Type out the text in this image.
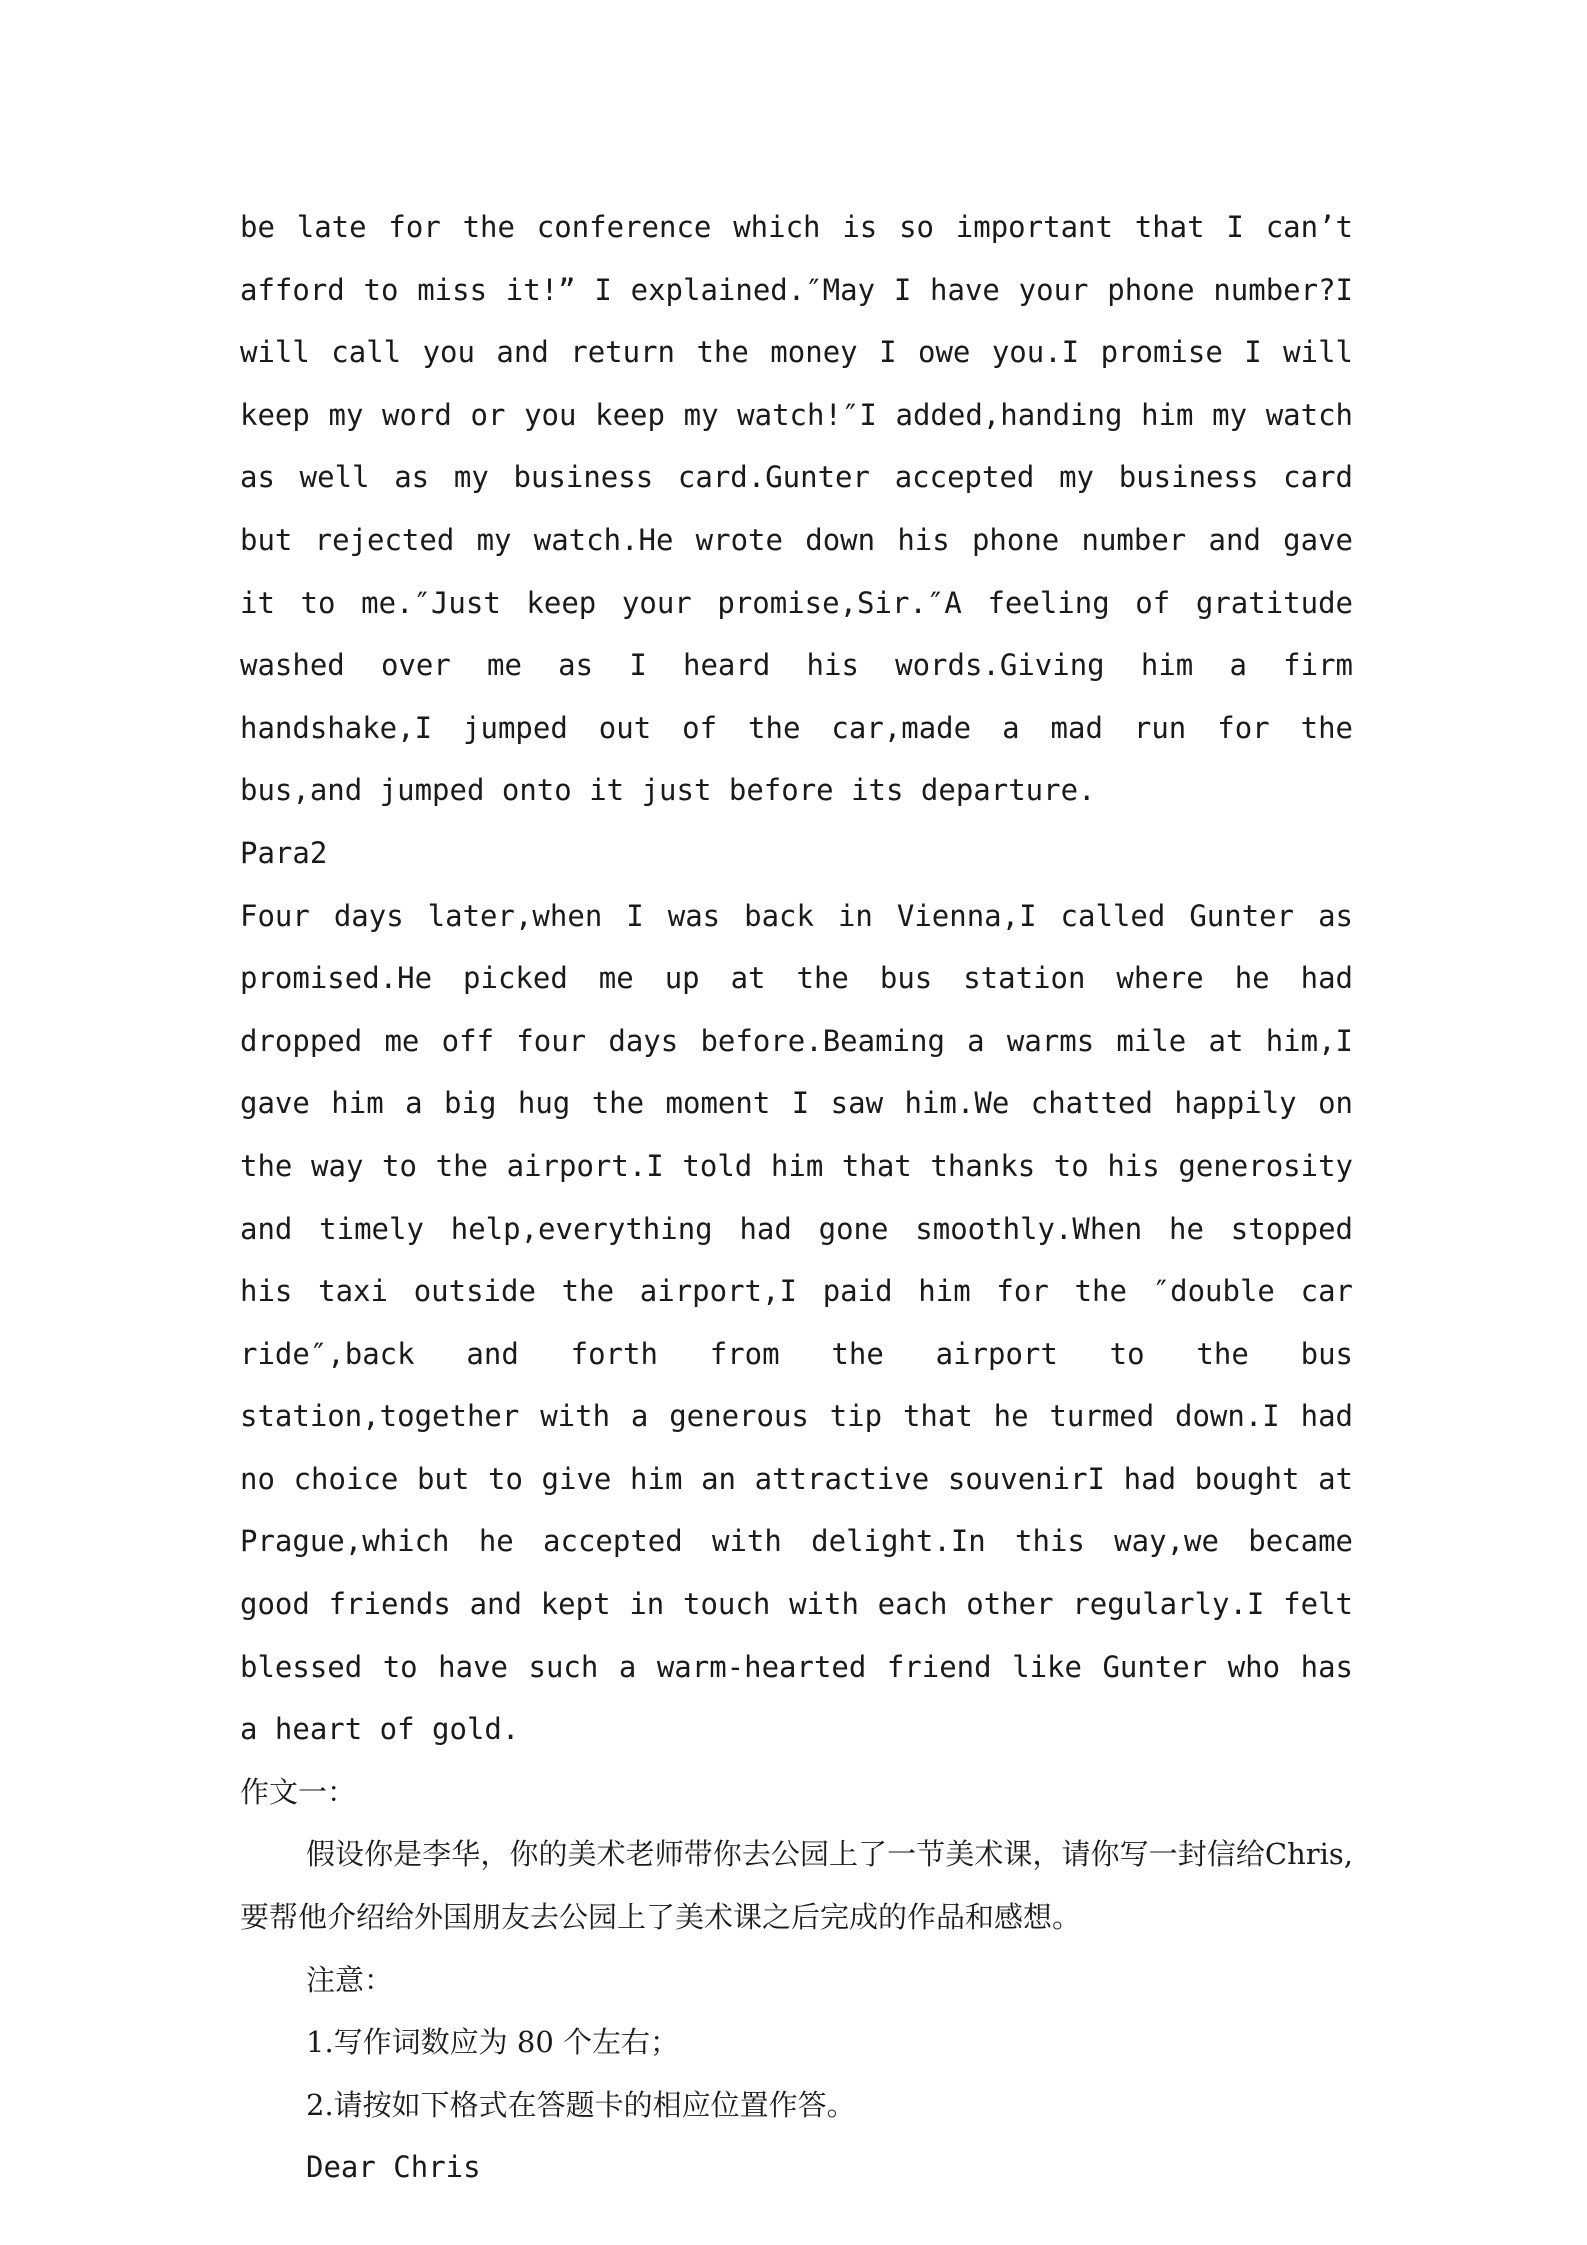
be late for the conference which is so important that I can’t afford to miss it!” I explained.″May I have your phone number?I will call you and return the money I owe you.I promise I will keep my word or you keep my watch!″I added,handing him my watch as well as my business card.Gunter accepted my business card but rejected my watch.He wrote down his phone number and gave it to me.″Just keep your promise,Sir.″A feeling of gratitude washed over me as I heard his words.Giving him a firm handshake,I jumped out of the car,made a mad run for the bus,and jumped onto it just before its departure.

Para2

Four days later,when I was back in Vienna,I called Gunter as promised.He picked me up at the bus station where he had dropped me off four days before.Beaming a warms mile at him,I gave him a big hug the moment I saw him.We chatted happily on the way to the airport.I told him that thanks to his generosity and timely help,everything had gone smoothly.When he stopped his taxi outside the airport,I paid him for the ″double car ride″,back and forth from the airport to the bus station,together with a generous tip that he turmed down.I had no choice but to give him an attractive souvenirI had bought at Prague,which he accepted with delight.In this way,we became good friends and kept in touch with each other regularly.I felt blessed to have such a warm-hearted friend like Gunter who has a heart of gold.

作文一：

假设你是李华，你的美术老师带你去公园上了一节美术课，请你写一封信给Chris,要帮他介绍给外国朋友去公园上了美术课之后完成的作品和感想。

注意：

1.写作词数应为 80 个左右；

2.请按如下格式在答题卡的相应位置作答。

Dear Chris
